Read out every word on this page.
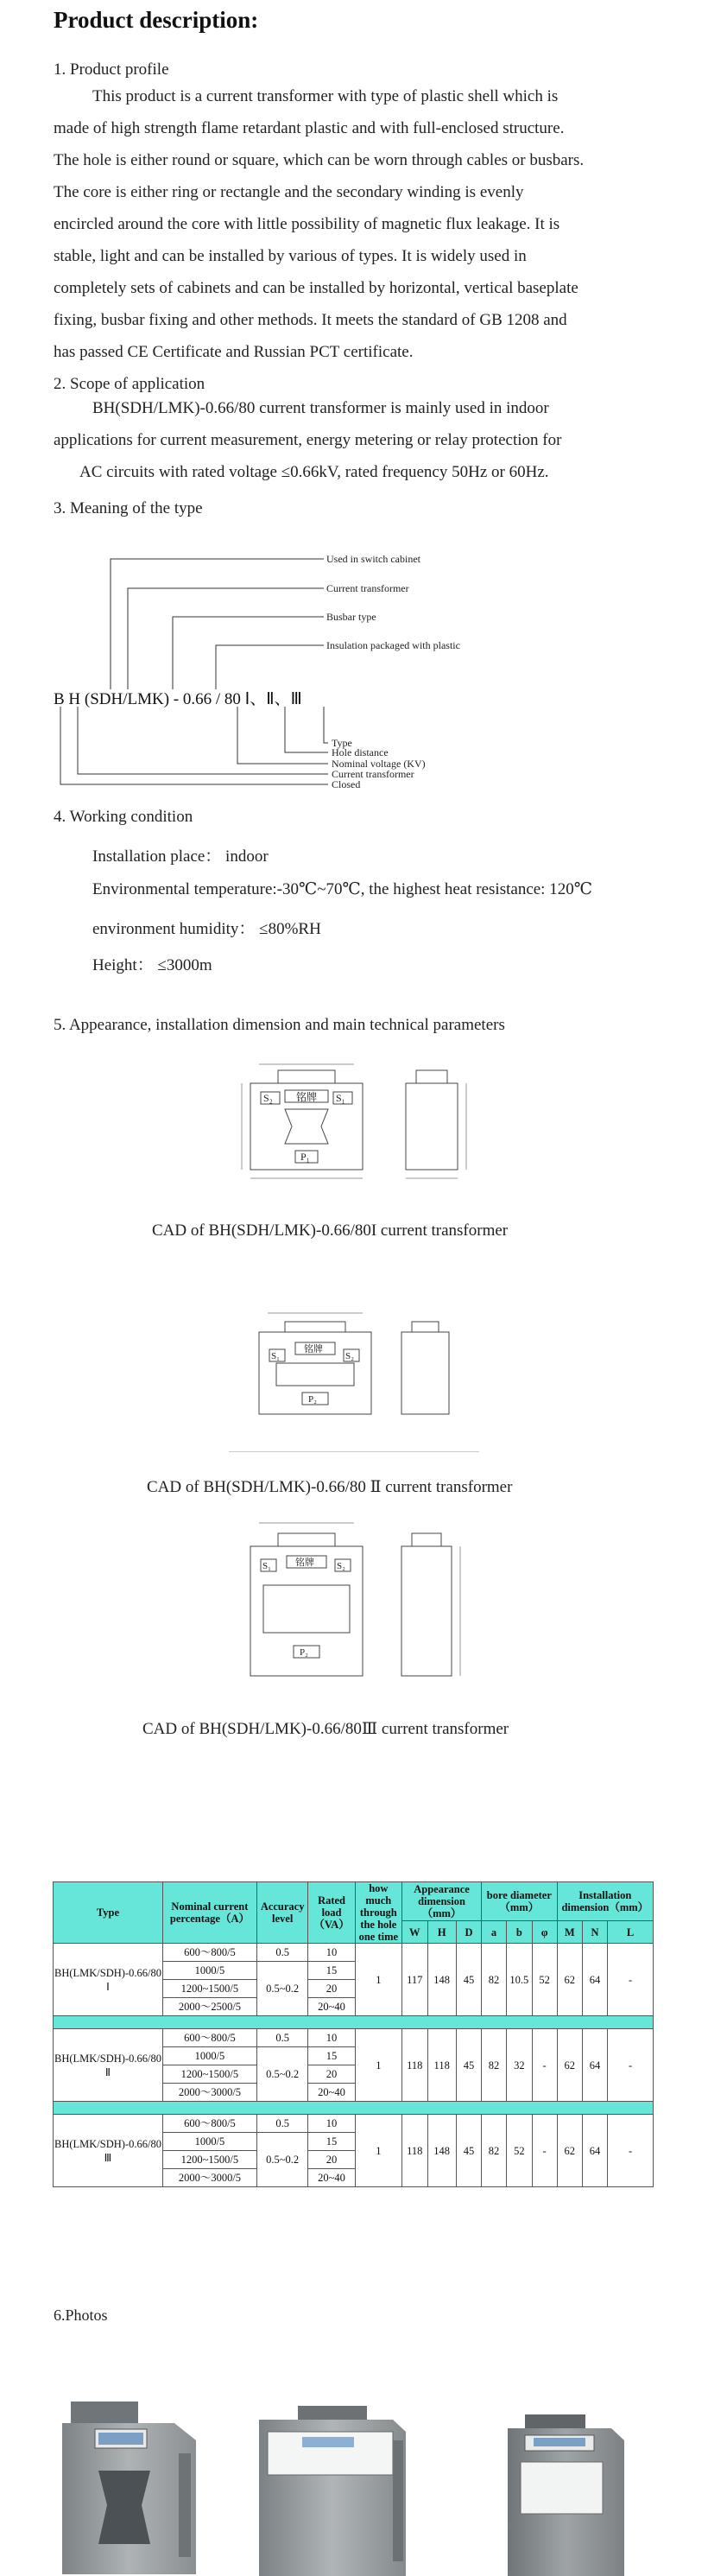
Product description:
1. Product profile
This product is a current transformer with type of plastic shell which is
made of high strength flame retardant plastic and with full-enclosed structure.
The hole is either round or square, which can be worn through cables or busbars.
The core is either ring or rectangle and the secondary winding is evenly
encircled around the core with little possibility of magnetic flux leakage. It is
stable, light and can be installed by various of types. It is widely used in
completely sets of cabinets and can be installed by horizontal, vertical baseplate
fixing, busbar fixing and other methods. It meets the standard of GB 1208 and
has passed CE Certificate and Russian PCT certificate.
2. Scope of application
BH(SDH/LMK)-0.66/80 current transformer is mainly used in indoor
applications for current measurement, energy metering or relay protection for
AC circuits with rated voltage ≤0.66kV, rated frequency 50Hz or 60Hz.
3. Meaning of the type
Used in switch cabinet
Current transformer
Busbar type
Insulation packaged with plastic
Type
Hole distance
Nominal voltage (KV)
Current transformer
Closed
B H (SDH/LMK) - 0.66 / 80 Ⅰ、Ⅱ、Ⅲ
4. Working condition
Installation place： indoor
Environmental temperature:-30℃~70℃, the highest heat resistance: 120℃
environment humidity： ≤80%RH
Height： ≤3000m
5. Appearance, installation dimension and main technical parameters
S₂	S₁
铭牌
P₁
CAD of BH(SDH/LMK)-0.66/80I current transformer
S₁	S₂
铭牌
P₂
CAD of BH(SDH/LMK)-0.66/80 Ⅱ current transformer
S₁	S₂
铭牌
P₂
CAD of BH(SDH/LMK)-0.66/80Ⅲ current transformer
Type	Nominal current percentage（A）	Accuracy level	Rated load（VA）	how much through the hole one time	Appearance dimension（mm）			bore diameter（mm）			Installation dimension（mm）		
					W	H	D	a	b	φ	M	N	L
BH(LMK/SDH)-0.66/80 Ⅰ	600～800/5	0.5	10	1	117	148	45	82	10.5	52	62	64	-
	1000/5	0.5~0.2	15										
	1200~1500/5		20										
	2000～2500/5		20~40										

BH(LMK/SDH)-0.66/80 Ⅱ	600～800/5	0.5	10	1	118	118	45	82	32	-	62	64	-
	1000/5	0.5~0.2	15										
	1200~1500/5		20										
	2000～3000/5		20~40										

BH(LMK/SDH)-0.66/80 Ⅲ	600～800/5	0.5	10	1	118	148	45	82	52	-	62	64	-
	1000/5	0.5~0.2	15										
	1200~1500/5		20										
	2000～3000/5		20~40										
6.Photos
